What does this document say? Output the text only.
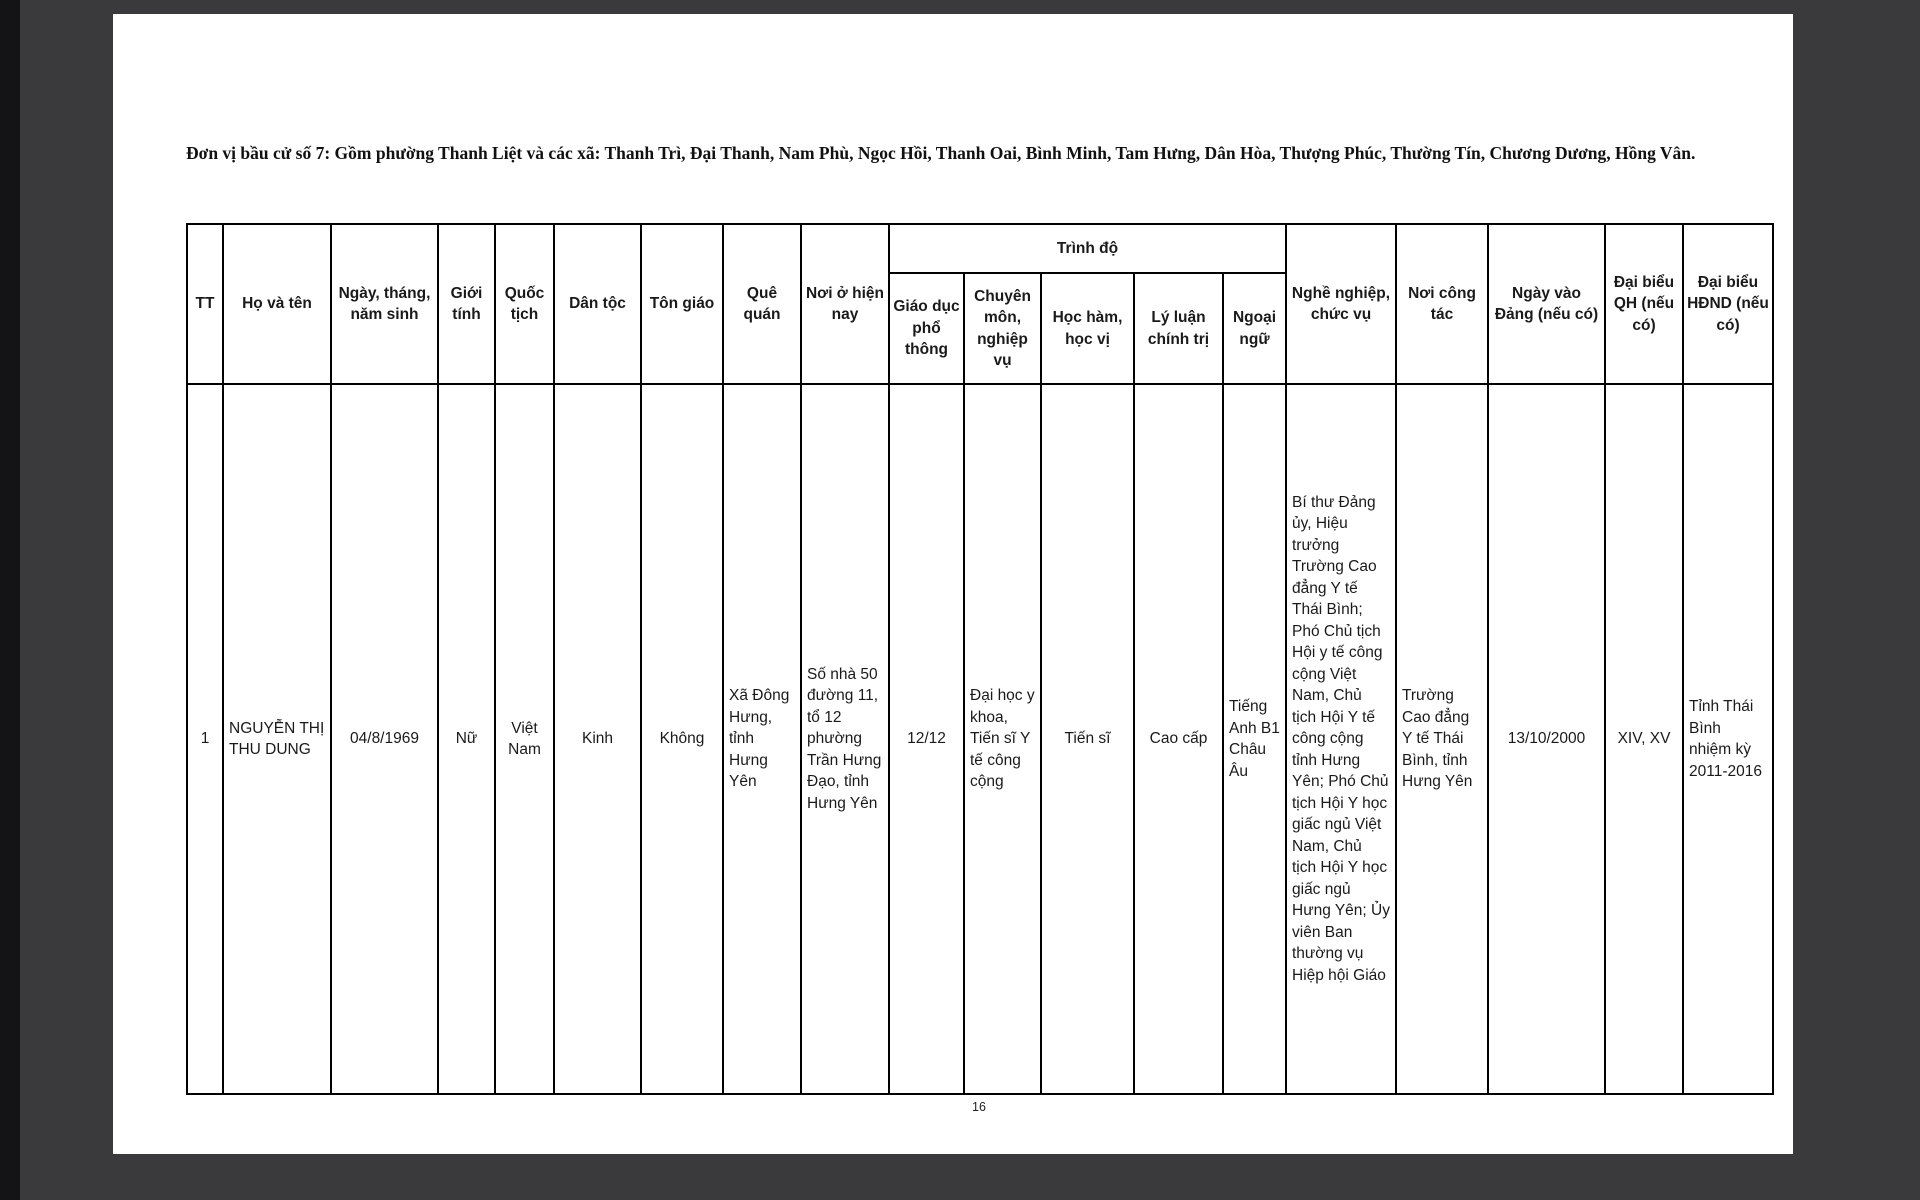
Đơn vị bầu cử số 7: Gồm phường Thanh Liệt và các xã: Thanh Trì, Đại Thanh, Nam Phù, Ngọc Hồi, Thanh Oai, Bình Minh, Tam Hưng, Dân Hòa, Thượng Phúc, Thường Tín, Chương Dương, Hồng Vân.
TT	Họ và tên	Ngày, tháng, năm sinh	Giới tính	Quốc tịch	Dân tộc	Tôn giáo	Quê quán	Nơi ở hiện nay	Trình độ					Nghề nghiệp, chức vụ	Nơi công tác	Ngày vào Đảng (nếu có)	Đại biểu QH (nếu có)	Đại biểu HĐND (nếu có)
									Giáo dục phổ thông	Chuyên môn, nghiệp vụ	Học hàm, học vị	Lý luận chính trị	Ngoại ngữ					
1	NGUYỄN THỊ THU DUNG	04/8/1969	Nữ	Việt Nam	Kinh	Không	Xã Đông Hưng, tỉnh Hưng Yên	Số nhà 50 đường 11, tổ 12 phường Trần Hưng Đạo, tỉnh Hưng Yên	12/12	Đại học y khoa, Tiến sĩ Y tế công cộng	Tiến sĩ	Cao cấp	Tiếng Anh B1 Châu Âu	Bí thư Đảng ủy, Hiệu trưởng Trường Cao đẳng Y tế Thái Bình; Phó Chủ tịch Hội y tế công cộng Việt Nam, Chủ tịch Hội Y tế công cộng tỉnh Hưng Yên; Phó Chủ tịch Hội Y học giấc ngủ Việt Nam, Chủ tịch Hội Y học giấc ngủ Hưng Yên; Ủy viên Ban thường vụ Hiệp hội Giáo	Trường Cao đẳng Y tế Thái Bình, tỉnh Hưng Yên	13/10/2000	XIV, XV	Tỉnh Thái Bình nhiệm kỳ 2011-2016
16
